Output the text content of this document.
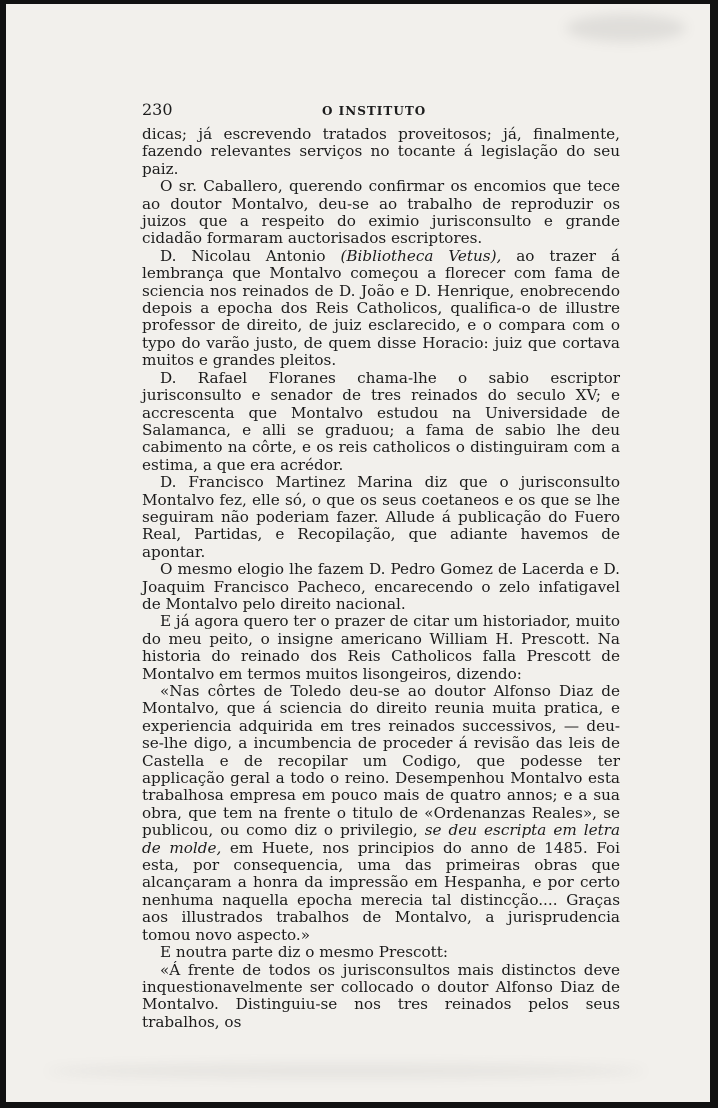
230	O INSTITUTO

dicas; já escrevendo tratados proveitosos; já, finalmente, fazendo relevantes serviços no tocante á legislação do seu paiz.

O sr. Caballero, querendo confirmar os encomios que tece ao doutor Montalvo, deu-se ao trabalho de reproduzir os juizos que a respeito do eximio jurisconsulto e grande cidadão formaram auctorisados escriptores.

D. Nicolau Antonio (Bibliotheca Vetus), ao trazer á lembrança que Montalvo começou a florecer com fama de sciencia nos reinados de D. João e D. Henrique, enobrecendo depois a epocha dos Reis Catholicos, qualifica-o de illustre professor de direito, de juiz esclarecido, e o compara com o typo do varão justo, de quem disse Horacio: juiz que cortava muitos e grandes pleitos.

D. Rafael Floranes chama-lhe o sabio escriptor jurisconsulto e senador de tres reinados do seculo XV; e accrescenta que Montalvo estudou na Universidade de Salamanca, e alli se graduou; a fama de sabio lhe deu cabimento na côrte, e os reis catholicos o distinguiram com a estima, a que era acrédor.

D. Francisco Martinez Marina diz que o jurisconsulto Montalvo fez, elle só, o que os seus coetaneos e os que se lhe seguiram não poderiam fazer. Allude á publicação do Fuero Real, Partidas, e Recopilação, que adiante havemos de apontar.

O mesmo elogio lhe fazem D. Pedro Gomez de Lacerda e D. Joaquim Francisco Pacheco, encarecendo o zelo infatigavel de Montalvo pelo direito nacional.

E já agora quero ter o prazer de citar um historiador, muito do meu peito, o insigne americano William H. Prescott. Na historia do reinado dos Reis Catholicos falla Prescott de Montalvo em termos muitos lisongeiros, dizendo:

«Nas côrtes de Toledo deu-se ao doutor Alfonso Diaz de Montalvo, que á sciencia do direito reunia muita pratica, e experiencia adquirida em tres reinados successivos, — deu-se-lhe digo, a incumbencia de proceder á revisão das leis de Castella e de recopilar um Codigo, que podesse ter applicação geral a todo o reino. Desempenhou Montalvo esta trabalhosa empresa em pouco mais de quatro annos; e a sua obra, que tem na frente o titulo de «Ordenanzas Reales», se publicou, ou como diz o privilegio, se deu escripta em letra de molde, em Huete, nos principios do anno de 1485. Foi esta, por consequencia, uma das primeiras obras que alcançaram a honra da impressão em Hespanha, e por certo nenhuma naquella epocha merecia tal distincção.... Graças aos illustrados trabalhos de Montalvo, a jurisprudencia tomou novo aspecto.»

E noutra parte diz o mesmo Prescott:

«Á frente de todos os jurisconsultos mais distinctos deve inquestionavelmente ser collocado o doutor Alfonso Diaz de Montalvo. Distinguiu-se nos tres reinados pelos seus trabalhos, os
